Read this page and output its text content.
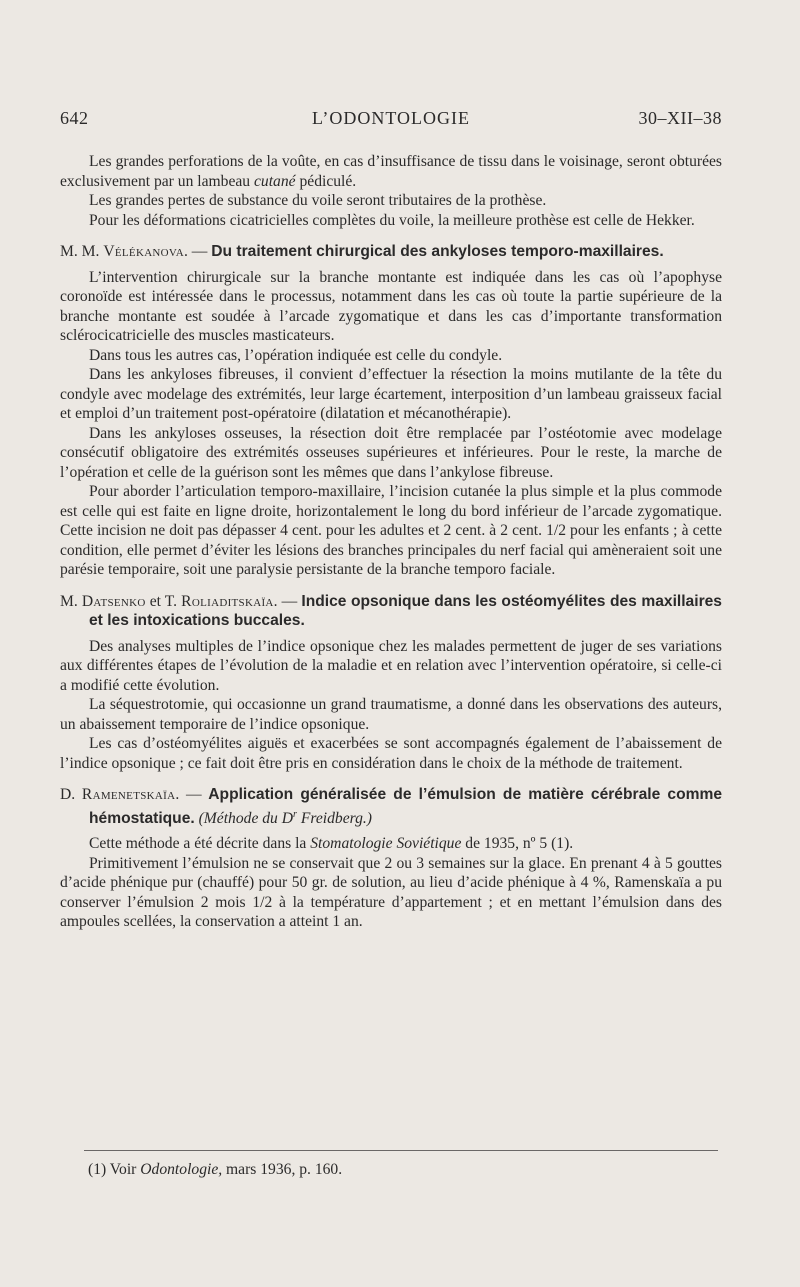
642	L’ODONTOLOGIE	30–XII–38

Les grandes perforations de la voûte, en cas d’insuffisance de tissu dans le voisinage, seront obturées exclusivement par un lambeau cutané pédiculé.

Les grandes pertes de substance du voile seront tributaires de la prothèse.

Pour les déformations cicatricielles complètes du voile, la meilleure prothèse est celle de Hekker.

M. M. Vélékanova. — Du traitement chirurgical des ankyloses temporo-maxillaires.

L’intervention chirurgicale sur la branche montante est indiquée dans les cas où l’apophyse coronoïde est intéressée dans le processus, notamment dans les cas où toute la partie supérieure de la branche montante est soudée à l’arcade zygomatique et dans les cas d’importante transformation sclérocicatricielle des muscles masticateurs.

Dans tous les autres cas, l’opération indiquée est celle du condyle.

Dans les ankyloses fibreuses, il convient d’effectuer la résection la moins mutilante de la tête du condyle avec modelage des extrémités, leur large écartement, interposition d’un lambeau graisseux facial et emploi d’un traitement post-opératoire (dilatation et mécanothérapie).

Dans les ankyloses osseuses, la résection doit être remplacée par l’ostéotomie avec modelage consécutif obligatoire des extrémités osseuses supérieures et inférieures. Pour le reste, la marche de l’opération et celle de la guérison sont les mêmes que dans l’ankylose fibreuse.

Pour aborder l’articulation temporo-maxillaire, l’incision cutanée la plus simple et la plus commode est celle qui est faite en ligne droite, horizontalement le long du bord inférieur de l’arcade zygomatique. Cette incision ne doit pas dépasser 4 cent. pour les adultes et 2 cent. à 2 cent. 1/2 pour les enfants ; à cette condition, elle permet d’éviter les lésions des branches principales du nerf facial qui amèneraient soit une parésie temporaire, soit une paralysie persistante de la branche temporo faciale.

M. Datsenko et T. Roliaditskaïa. — Indice opsonique dans les ostéomyélites des maxillaires et les intoxications buccales.

Des analyses multiples de l’indice opsonique chez les malades permettent de juger de ses variations aux différentes étapes de l’évolution de la maladie et en relation avec l’intervention opératoire, si celle-ci a modifié cette évolution.

La séquestrotomie, qui occasionne un grand traumatisme, a donné dans les observations des auteurs, un abaissement temporaire de l’indice opsonique.

Les cas d’ostéomyélites aiguës et exacerbées se sont accompagnés également de l’abaissement de l’indice opsonique ; ce fait doit être pris en considération dans le choix de la méthode de traitement.

D. Ramenetskaïa. — Application généralisée de l’émulsion de matière cérébrale comme hémostatique. (Méthode du $D^r$ Freidberg.)

Cette méthode a été décrite dans la Stomatologie Soviétique de 1935, nº 5 (1).

Primitivement l’émulsion ne se conservait que 2 ou 3 semaines sur la glace. En prenant 4 à 5 gouttes d’acide phénique pur (chauffé) pour 50 gr. de solution, au lieu d’acide phénique à 4 %, Ramenskaïa a pu conserver l’émulsion 2 mois 1/2 à la température d’appartement ; et en mettant l’émulsion dans des ampoules scellées, la conservation a atteint 1 an.

(1) Voir Odontologie, mars 1936, p. 160.
